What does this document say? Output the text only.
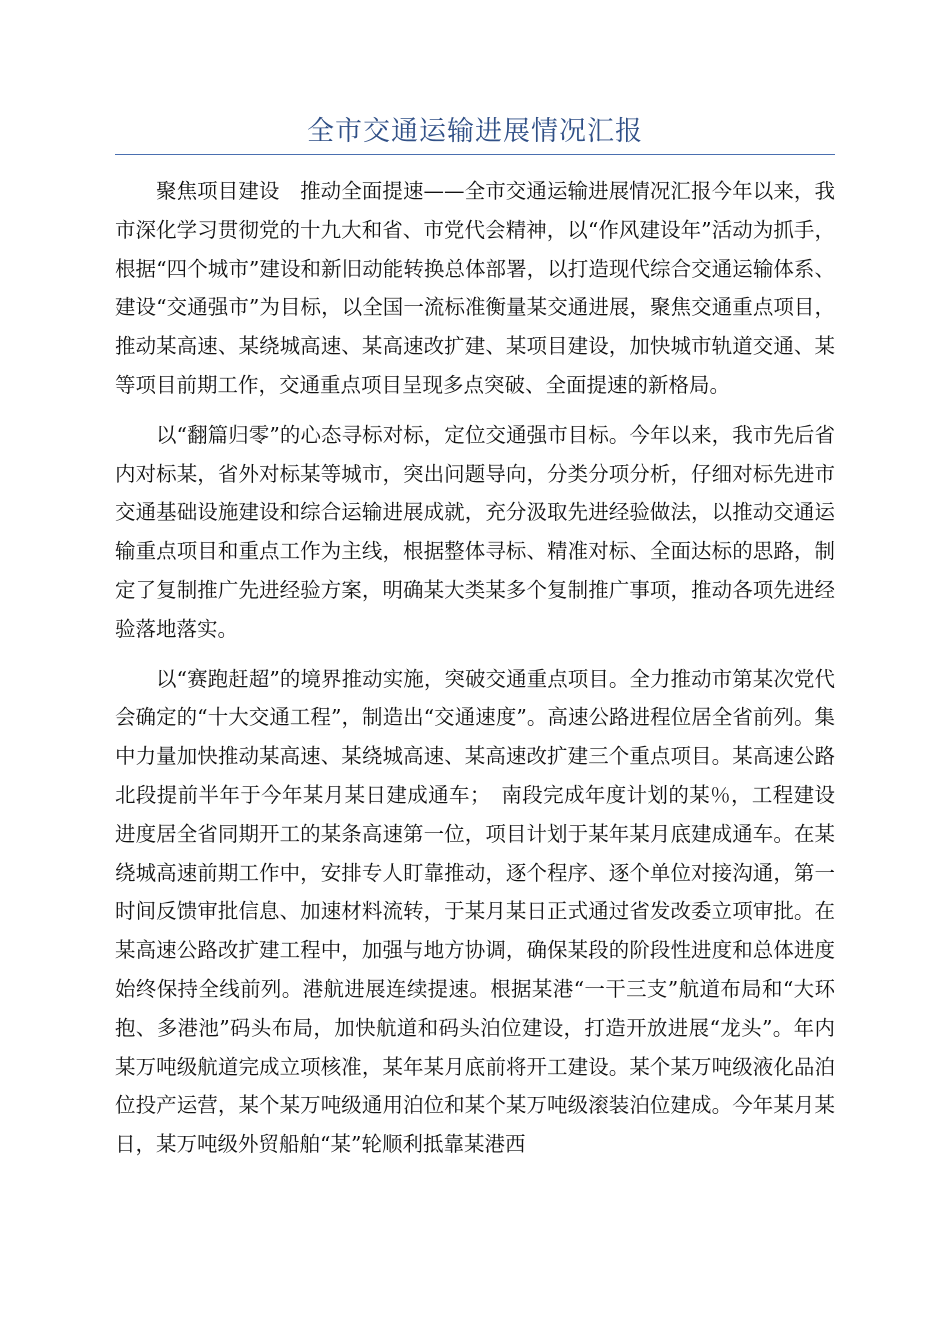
全市交通运输进展情况汇报

聚焦项目建设　推动全面提速——全市交通运输进展情况汇报今年以来，我市深化学习贯彻党的十九大和省、市党代会精神，以“作风建设年”活动为抓手，根据“四个城市”建设和新旧动能转换总体部署，以打造现代综合交通运输体系、建设“交通强市”为目标，以全国一流标准衡量某交通进展，聚焦交通重点项目，推动某高速、某绕城高速、某高速改扩建、某项目建设，加快城市轨道交通、某等项目前期工作，交通重点项目呈现多点突破、全面提速的新格局。

以“翻篇归零”的心态寻标对标，定位交通强市目标。今年以来，我市先后省内对标某，省外对标某等城市，突出问题导向，分类分项分析，仔细对标先进市交通基础设施建设和综合运输进展成就，充分汲取先进经验做法，以推动交通运输重点项目和重点工作为主线，根据整体寻标、精准对标、全面达标的思路，制定了复制推广先进经验方案，明确某大类某多个复制推广事项，推动各项先进经验落地落实。

以“赛跑赶超”的境界推动实施，突破交通重点项目。全力推动市第某次党代会确定的“十大交通工程”，制造出“交通速度”。高速公路进程位居全省前列。集中力量加快推动某高速、某绕城高速、某高速改扩建三个重点项目。某高速公路北段提前半年于今年某月某日建成通车；　南段完成年度计划的某％，工程建设进度居全省同期开工的某条高速第一位，项目计划于某年某月底建成通车。在某绕城高速前期工作中，安排专人盯靠推动，逐个程序、逐个单位对接沟通，第一时间反馈审批信息、加速材料流转，于某月某日正式通过省发改委立项审批。在某高速公路改扩建工程中，加强与地方协调，确保某段的阶段性进度和总体进度始终保持全线前列。港航进展连续提速。根据某港“一干三支”航道布局和“大环抱、多港池”码头布局，加快航道和码头泊位建设，打造开放进展“龙头”。年内某万吨级航道完成立项核准，某年某月底前将开工建设。某个某万吨级液化品泊位投产运营，某个某万吨级通用泊位和某个某万吨级滚装泊位建成。今年某月某日，某万吨级外贸船舶“某”轮顺利抵靠某港西
